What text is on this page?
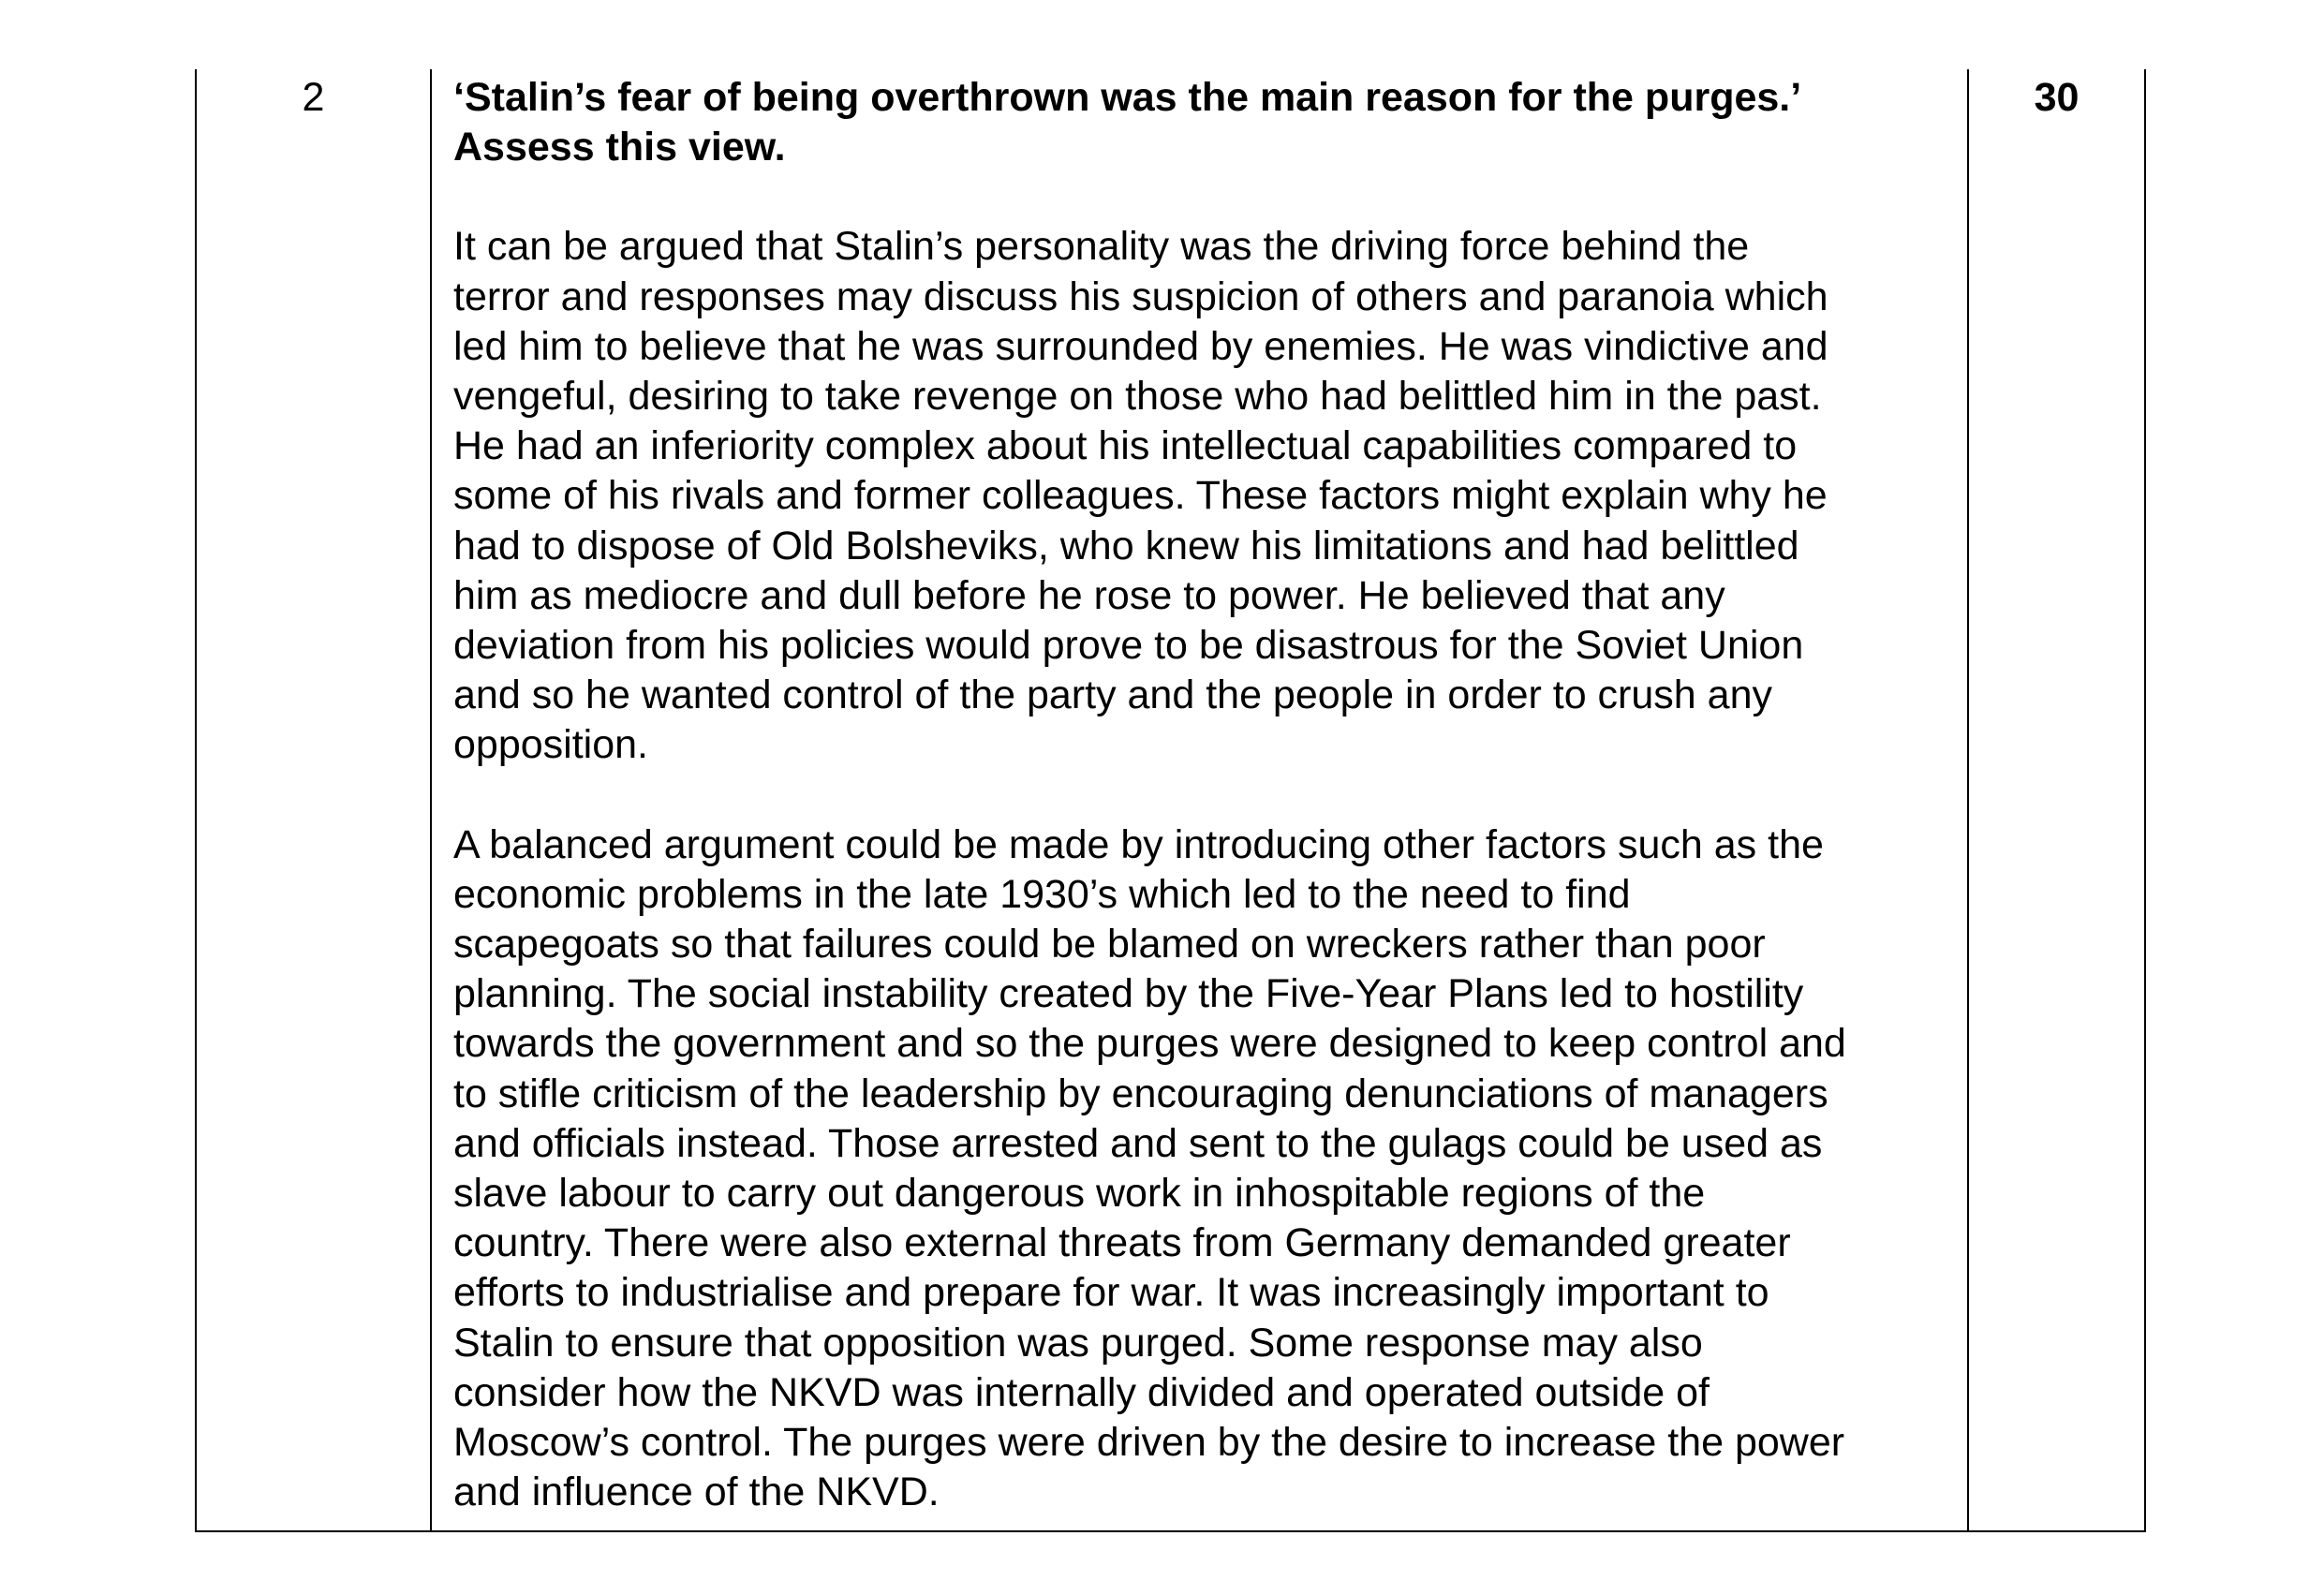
2	‘Stalin’s fear of being overthrown was the main reason for the purges.’
Assess this view.
It can be argued that Stalin’s personality was the driving force behind the
terror and responses may discuss his suspicion of others and paranoia which
led him to believe that he was surrounded by enemies. He was vindictive and
vengeful, desiring to take revenge on those who had belittled him in the past.
He had an inferiority complex about his intellectual capabilities compared to
some of his rivals and former colleagues. These factors might explain why he
had to dispose of Old Bolsheviks, who knew his limitations and had belittled
him as mediocre and dull before he rose to power. He believed that any
deviation from his policies would prove to be disastrous for the Soviet Union
and so he wanted control of the party and the people in order to crush any
opposition.
A balanced argument could be made by introducing other factors such as the
economic problems in the late 1930’s which led to the need to find
scapegoats so that failures could be blamed on wreckers rather than poor
planning. The social instability created by the Five-Year Plans led to hostility
towards the government and so the purges were designed to keep control and
to stifle criticism of the leadership by encouraging denunciations of managers
and officials instead. Those arrested and sent to the gulags could be used as
slave labour to carry out dangerous work in inhospitable regions of the
country. There were also external threats from Germany demanded greater
efforts to industrialise and prepare for war. It was increasingly important to
Stalin to ensure that opposition was purged. Some response may also
consider how the NKVD was internally divided and operated outside of
Moscow’s control. The purges were driven by the desire to increase the power
and influence of the NKVD.
30
